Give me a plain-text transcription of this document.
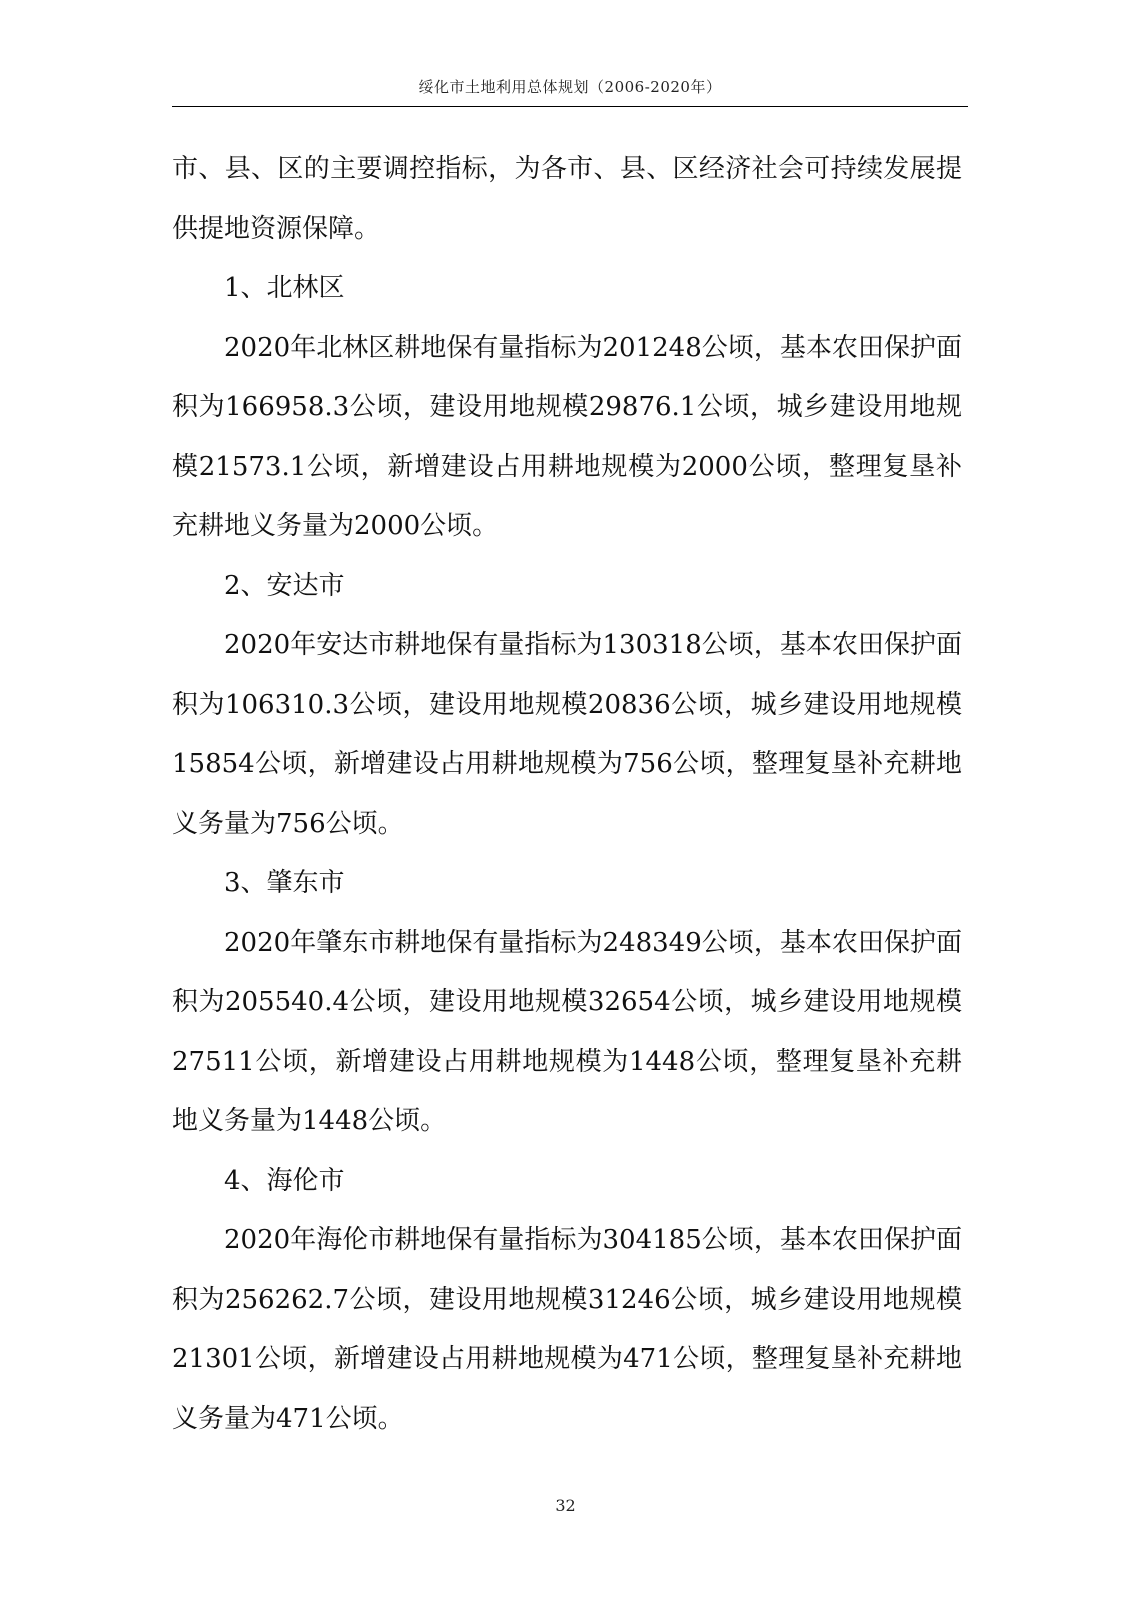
绥化市土地利用总体规划（2006-2020年）

市、县、区的主要调控指标，为各市、县、区经济社会可持续发展提供提地资源保障。

1、北林区

2020年北林区耕地保有量指标为201248公顷，基本农田保护面积为166958.3公顷，建设用地规模29876.1公顷，城乡建设用地规模21573.1公顷，新增建设占用耕地规模为2000公顷，整理复垦补充耕地义务量为2000公顷。

2、安达市

2020年安达市耕地保有量指标为130318公顷，基本农田保护面积为106310.3公顷，建设用地规模20836公顷，城乡建设用地规模15854公顷，新增建设占用耕地规模为756公顷，整理复垦补充耕地义务量为756公顷。

3、肇东市

2020年肇东市耕地保有量指标为248349公顷，基本农田保护面积为205540.4公顷，建设用地规模32654公顷，城乡建设用地规模27511公顷，新增建设占用耕地规模为1448公顷，整理复垦补充耕地义务量为1448公顷。

4、海伦市

2020年海伦市耕地保有量指标为304185公顷，基本农田保护面积为256262.7公顷，建设用地规模31246公顷，城乡建设用地规模21301公顷，新增建设占用耕地规模为471公顷，整理复垦补充耕地义务量为471公顷。

32
